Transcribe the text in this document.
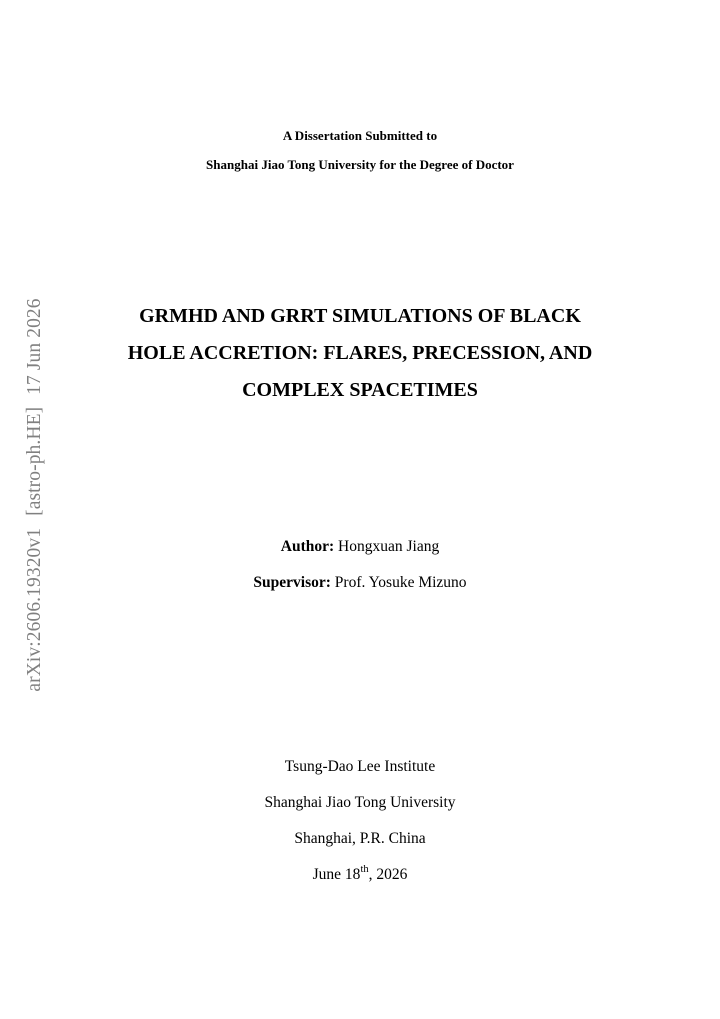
arXiv:2606.19320v1[astro-ph.HE]17 Jun 2026
A Dissertation Submitted to
Shanghai Jiao Tong University for the Degree of Doctor
GRMHD AND GRRT SIMULATIONS OF BLACK
HOLE ACCRETION: FLARES, PRECESSION, AND
COMPLEX SPACETIMES
Author: Hongxuan Jiang
Supervisor: Prof. Yosuke Mizuno
Tsung-Dao Lee Institute
Shanghai Jiao Tong University
Shanghai, P.R. China
June 18th, 2026
